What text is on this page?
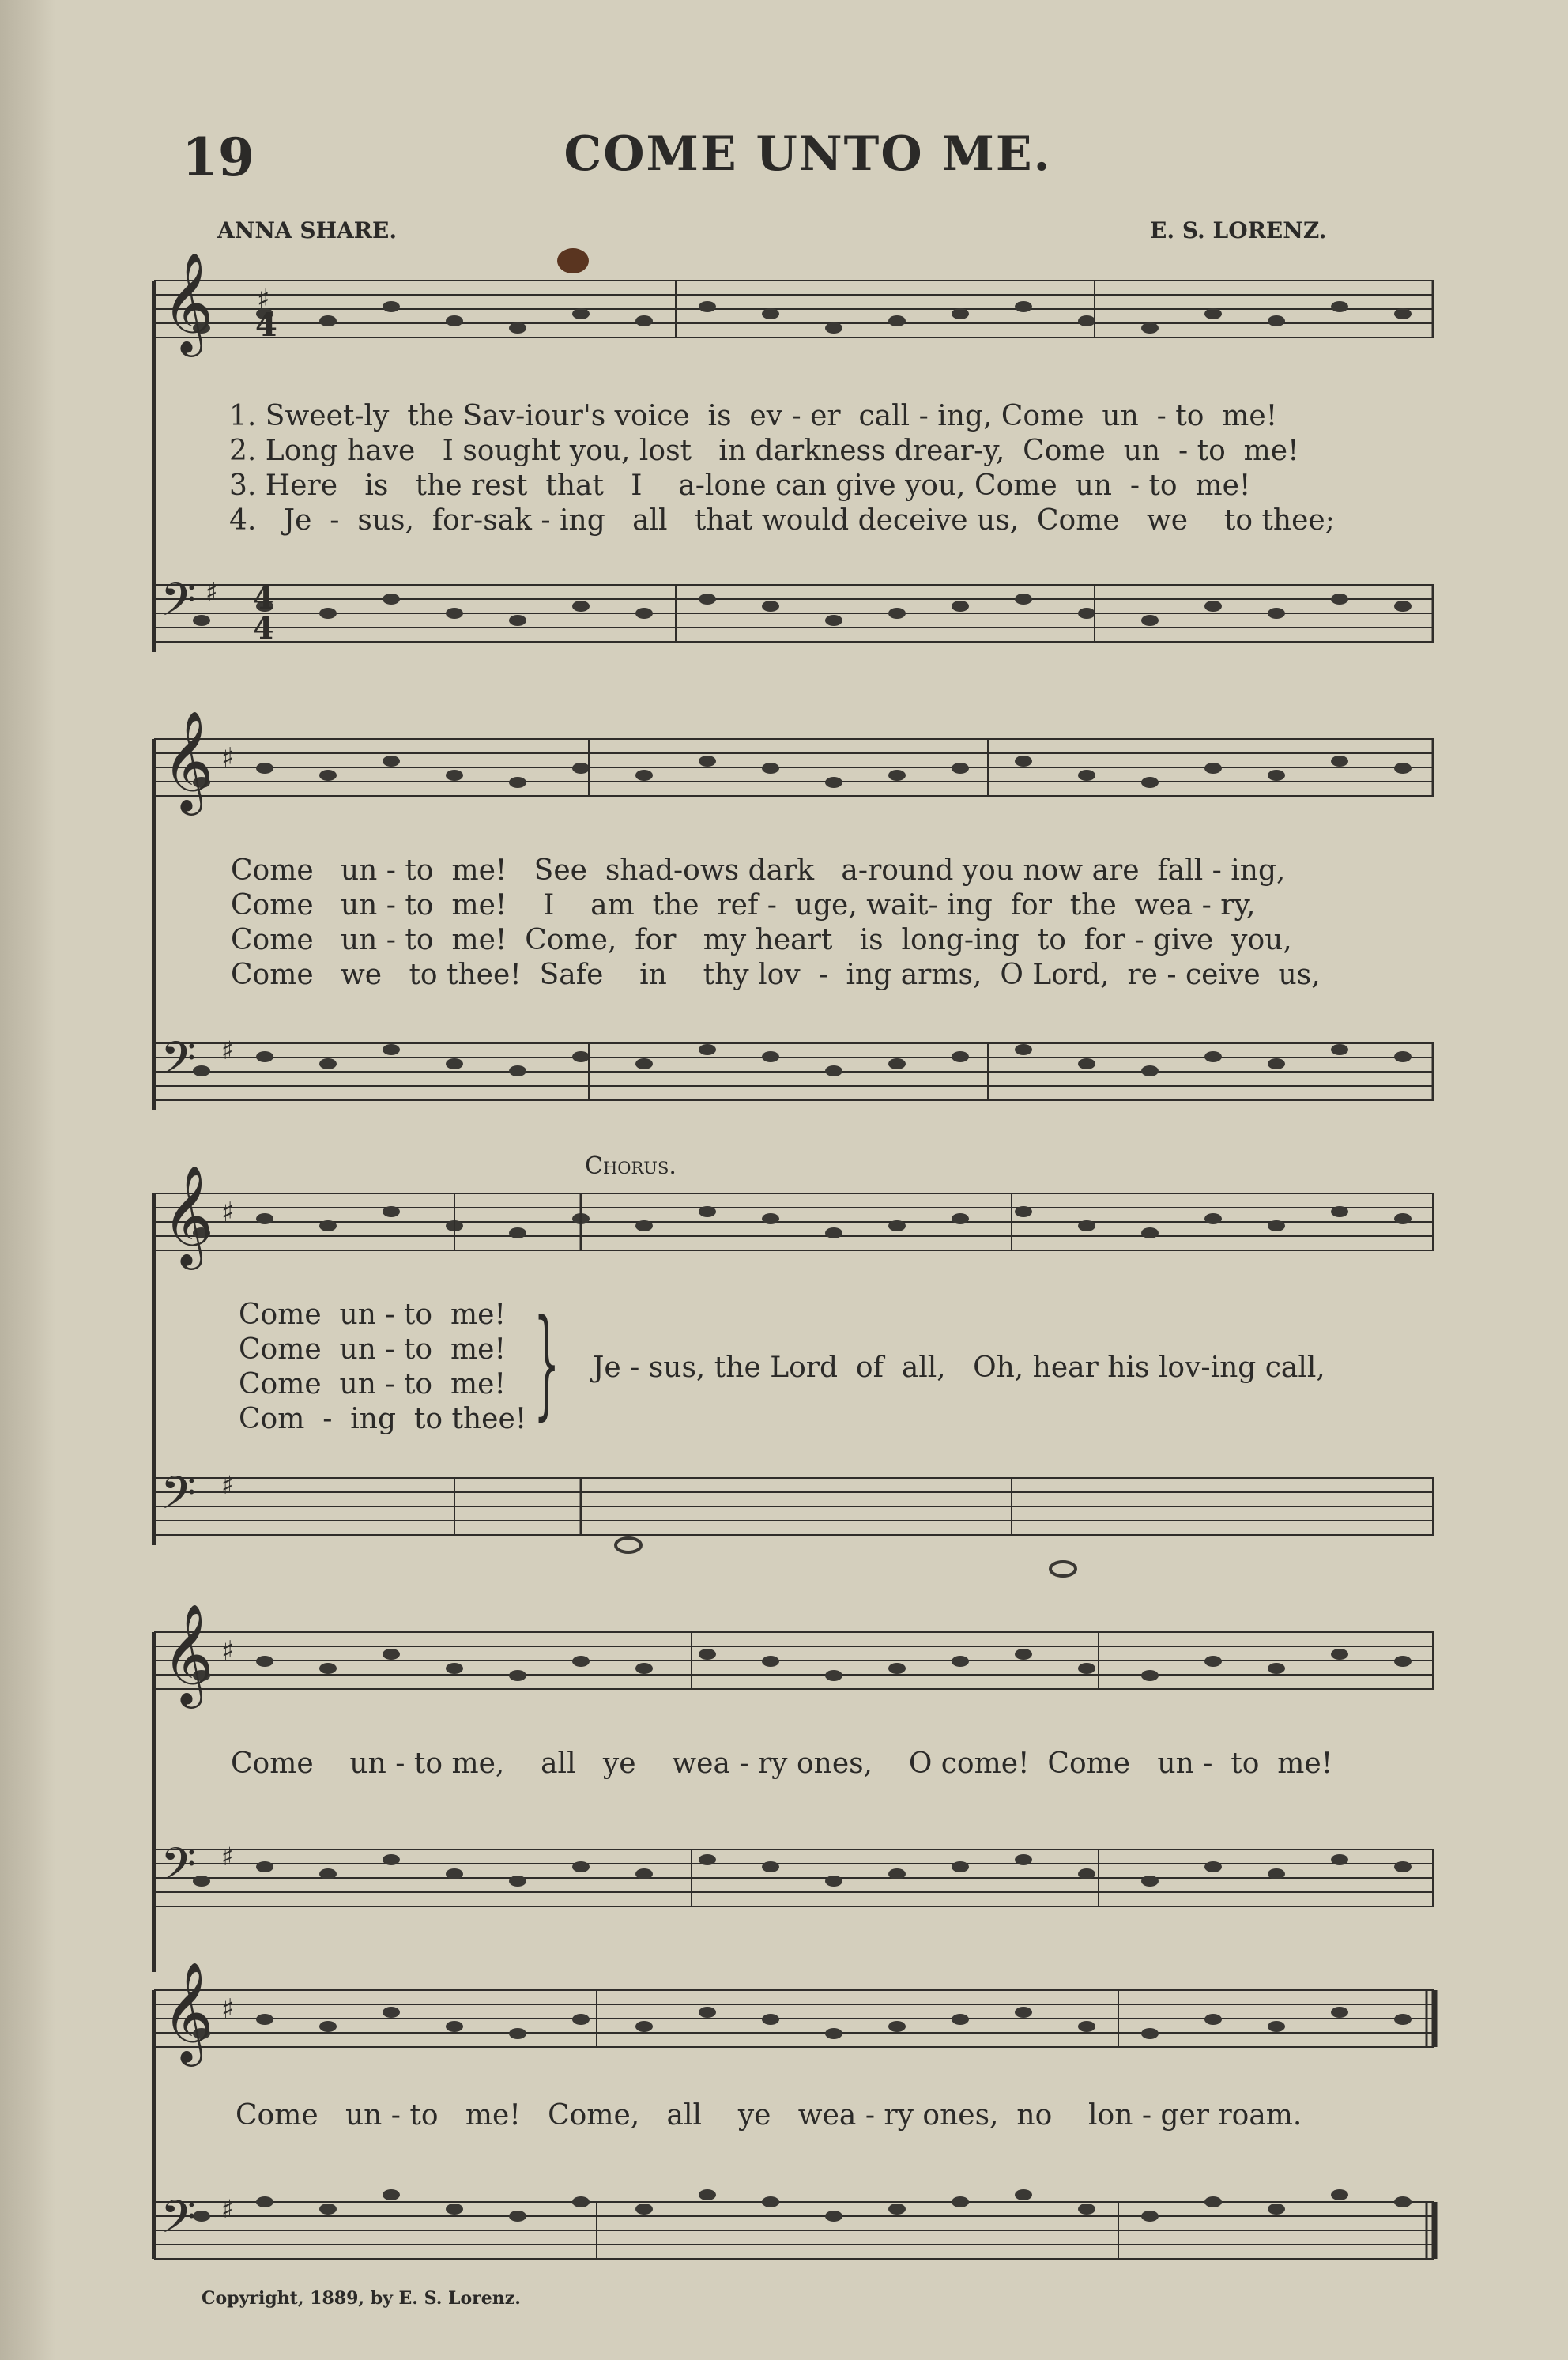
19	COME UNTO ME.
ANNA SHARE.	E. S. LORENZ.
𝄞 ♯
4
𝄢 ♯ 4
4
𝄞 ♯
𝄢 ♯
𝄞 ♯
𝄢 ♯
𝄞 ♯
𝄢 ♯
𝄞 ♯
𝄢 ♯
1. Sweet-ly  the Sav-iour's voice  is  ev - er  call - ing, Come  un  - to  me!
2. Long have   I sought you, lost   in darkness drear-y,  Come  un  - to  me!
3. Here   is   the rest  that   I    a-lone can give you, Come  un  - to  me!
4.   Je  -  sus,  for-sak - ing   all   that would deceive us,  Come   we    to thee;
Come   un - to  me!   See  shad-ows dark   a-round you now are  fall - ing,
Come   un - to  me!    I    am  the  ref -  uge, wait- ing  for  the  wea - ry,
Come   un - to  me!  Come,  for   my heart   is  long-ing  to  for - give  you,
Come   we   to thee!  Safe    in    thy lov  -  ing arms,  O Lord,  re - ceive  us,
Chorus.
Come  un - to  me!
Come  un - to  me!
Come  un - to  me!
Com  -  ing  to thee! } Je - sus, the Lord  of  all,   Oh, hear his lov-ing call,
Come    un - to me,    all   ye    wea - ry ones,    O come!  Come   un -  to  me!
Come   un - to   me!   Come,   all    ye   wea - ry ones,  no    lon - ger roam.
Copyright, 1889, by E. S. Lorenz.
